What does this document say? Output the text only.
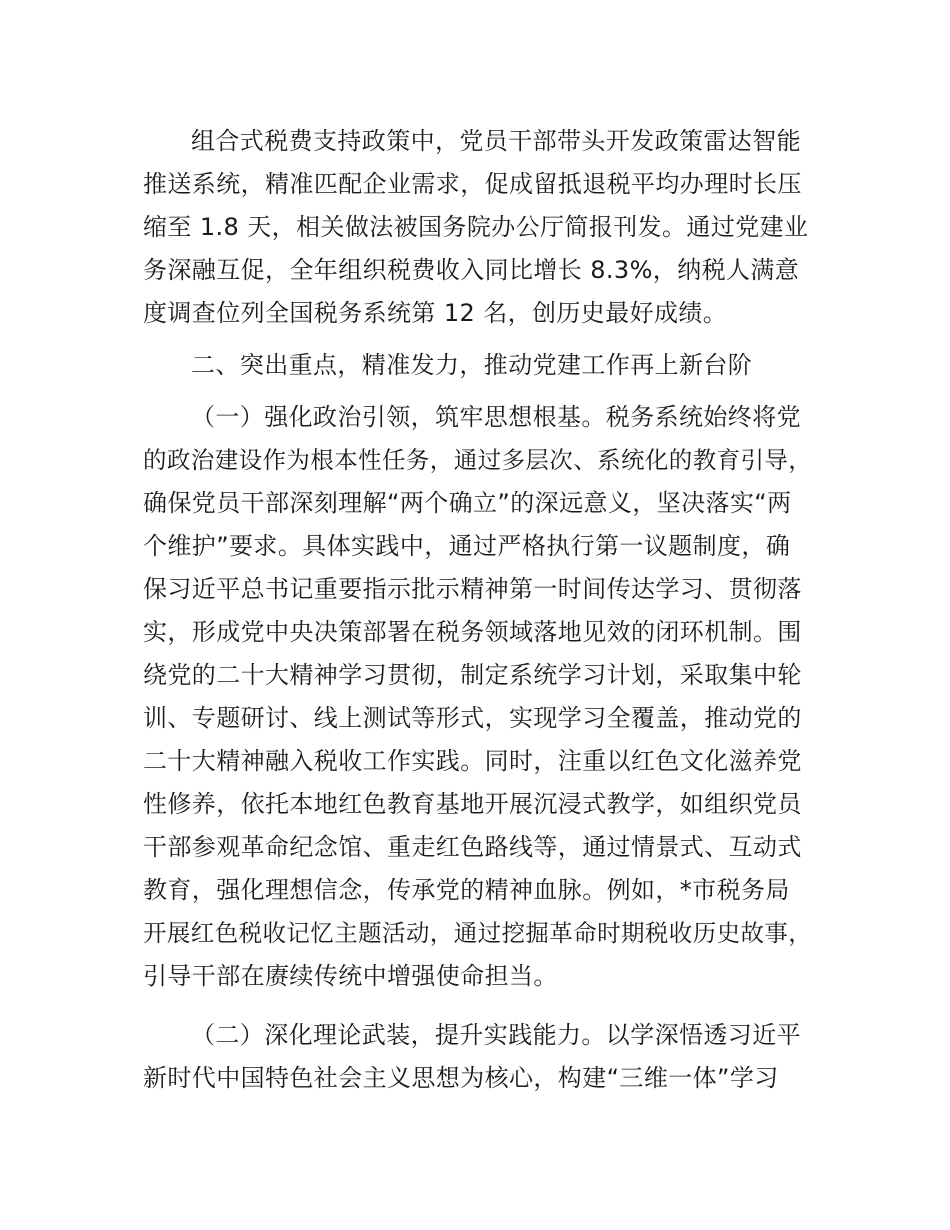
组合式税费支持政策中，党员干部带头开发政策雷达智能
推送系统，精准匹配企业需求，促成留抵退税平均办理时长压
缩至 1.8 天，相关做法被国务院办公厅简报刊发。通过党建业
务深融互促，全年组织税费收入同比增长 8.3%，纳税人满意
度调查位列全国税务系统第 12 名，创历史最好成绩。
二、突出重点，精准发力，推动党建工作再上新台阶
（一）强化政治引领，筑牢思想根基。税务系统始终将党
的政治建设作为根本性任务，通过多层次、系统化的教育引导，
确保党员干部深刻理解“两个确立”的深远意义，坚决落实“两
个维护”要求。具体实践中，通过严格执行第一议题制度，确
保习近平总书记重要指示批示精神第一时间传达学习、贯彻落
实，形成党中央决策部署在税务领域落地见效的闭环机制。围
绕党的二十大精神学习贯彻，制定系统学习计划，采取集中轮
训、专题研讨、线上测试等形式，实现学习全覆盖，推动党的
二十大精神融入税收工作实践。同时，注重以红色文化滋养党
性修养，依托本地红色教育基地开展沉浸式教学，如组织党员
干部参观革命纪念馆、重走红色路线等，通过情景式、互动式
教育，强化理想信念，传承党的精神血脉。例如，*市税务局
开展红色税收记忆主题活动，通过挖掘革命时期税收历史故事，
引导干部在赓续传统中增强使命担当。
（二）深化理论武装，提升实践能力。以学深悟透习近平
新时代中国特色社会主义思想为核心，构建“三维一体”学习
